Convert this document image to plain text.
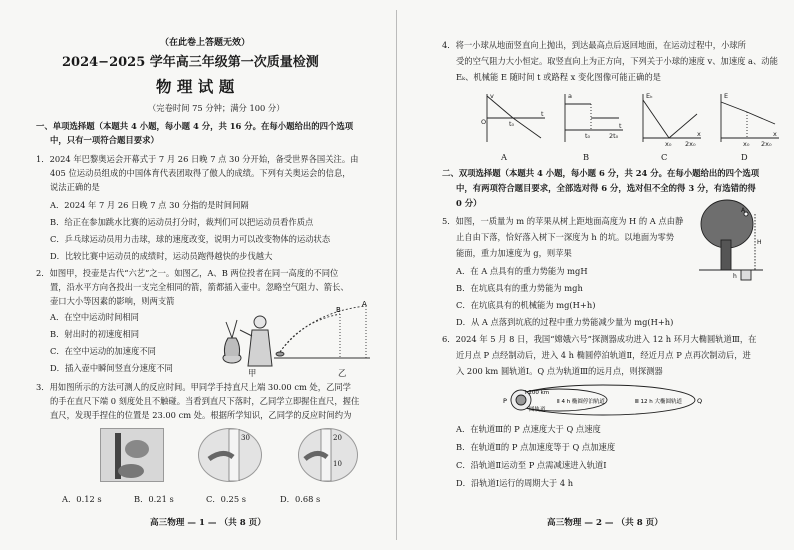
（在此卷上答题无效）
2024−2025 学年高三年级第一次质量检测
物 理 试 题
（完卷时间 75 分钟；满分 100 分）
一、单项选择题（本题共 4 小题，每小题 4 分，共 16 分。在每小题给出的四个选项
中，只有一项符合题目要求）
1．2024 年巴黎奥运会开幕式于 7 月 26 日晚 7 点 30 分开始，备受世界各国关注。由
405 位运动员组成的中国体育代表团取得了傲人的成绩。下列有关奥运会的信息，
说法正确的是
A．2024 年 7 月 26 日晚 7 点 30 分指的是时间间隔
B．给正在参加跳水比赛的运动员打分时，裁判们可以把运动员看作质点
C．乒乓球运动员用力击球，球的速度改变，说明力可以改变物体的运动状态
D．比较比赛中运动员的成绩时，运动员跑得越快的步伐越大
2．如图甲，投壶是古代“六艺”之一。如图乙，A、B 两位投者在同一高度的不同位
置，沿水平方向各投出一支完全相同的箭，箭都插入壶中。忽略空气阻力、箭长、
壶口大小等因素的影响，则两支箭
A．在空中运动时间相同
B．射出时的初速度相同
C．在空中运动的加速度不同
D．插入壶中瞬间竖直分速度不同	甲
A
B
乙
3．用如图所示的方法可测人的反应时间。甲同学手持直尺上端 30.00 cm 处，乙同学
的手在直尺下端 0 刻度处且不触碰。当看到直尺下落时，乙同学立即握住直尺，握住
直尺，发现手捏住的位置是 23.00 cm 处。根据所学知识，乙同学的反应时间约为
30	20
10
A．0.12 s	B．0.21 s	C．0.25 s	D．0.68 s
高三物理 — 1 — （共 8 页）
4．将一小球从地面竖直向上抛出，到达最高点后返回地面，在运动过程中，小球所
受的空气阻力大小恒定。取竖直向上为正方向，下列关于小球的速度 v、加速度 a、动能
Eₖ、机械能 E 随时间 t 或路程 x 变化图像可能正确的是
v
t
O	t₀
a
t
t₀	2t₀
Eₖ
x
x₀ 2x₀
E
x
x₀ 2x₀
A	B	C	D
二、双项选择题（本题共 4 小题，每小题 6 分，共 24 分。在每小题给出的四个选项
中，有两项符合题目要求，全部选对得 6 分，选对但不全的得 3 分，有选错的得
0 分）
5．如图，一质量为 m 的苹果从树上距地面高度为 H 的 A 点由静
止自由下落，恰好落入树下一深度为 h 的坑。以地面为零势
能面，重力加速度为 g，则苹果
A．在 A 点具有的重力势能为 mgH
B．在坑底具有的重力势能为 mgh
C．在坑底具有的机械能为 mg(H+h)
D．从 A 点落到坑底的过程中重力势能减少量为 mg(H+h)
A
H
h
6．2024 年 5 月 8 日，我国“嫦娥六号”探测器成功进入 12 h 环月大椭圆轨道Ⅲ，在
近月点 P 点经制动后，进入 4 h 椭圆停泊轨道Ⅱ，经近月点 P 点再次制动后，进
入 200 km 圆轨道Ⅰ。Q 点为轨道Ⅲ的远月点，则探测器
P	Q
Ⅰ 200 km
圆轨道
Ⅱ 4 h 椭圆停泊轨道	Ⅲ 12 h 大椭圆轨道
A．在轨道Ⅲ的 P 点速度大于 Q 点速度
B．在轨道Ⅱ的 P 点加速度等于 Q 点加速度
C．沿轨道Ⅱ运动至 P 点需减速进入轨道Ⅰ
D．沿轨道Ⅰ运行的周期大于 4 h
高三物理 — 2 — （共 8 页）
